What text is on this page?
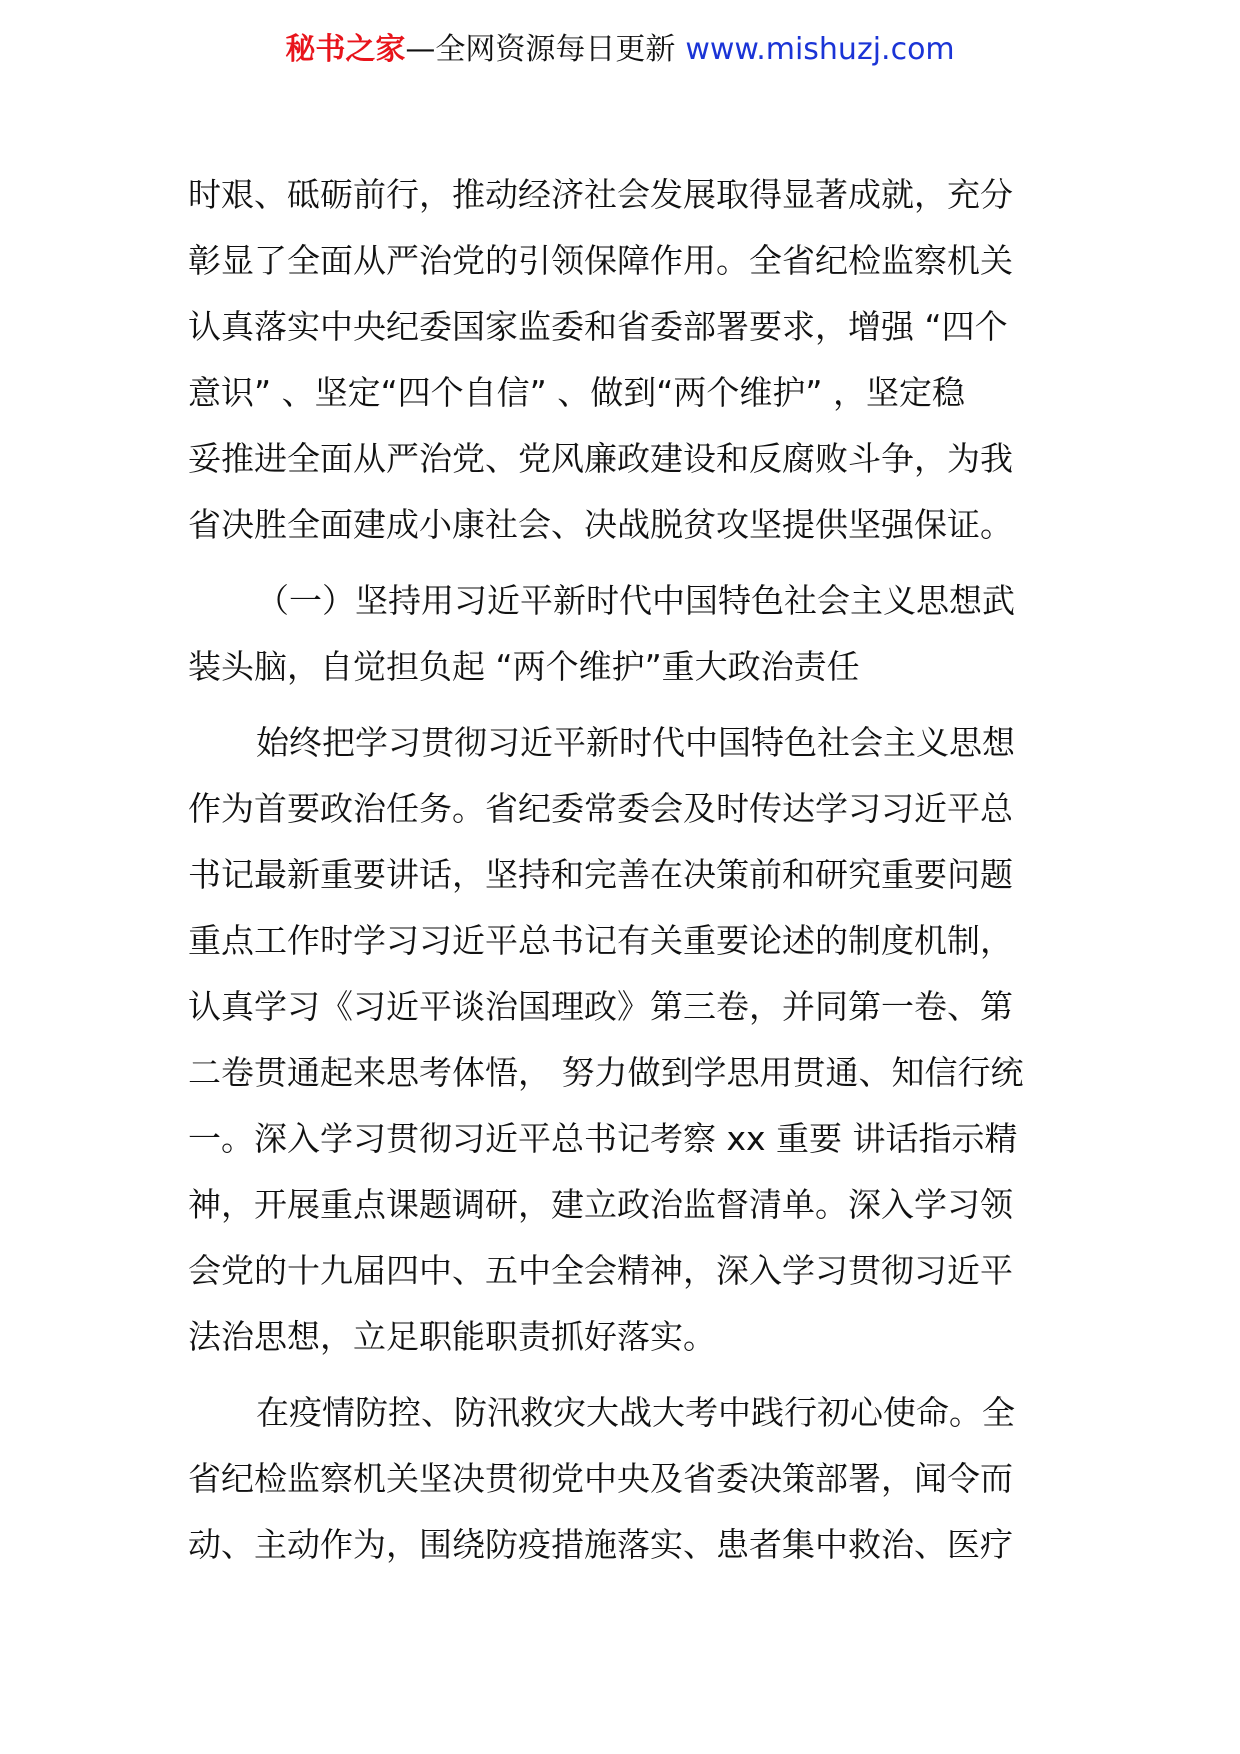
秘书之家—全网资源每日更新 www.mishuzj.com
时艰、砥砺前行，推动经济社会发展取得显著成就，充分
彰显了全面从严治党的引领保障作用。全省纪检监察机关
认真落实中央纪委国家监委和省委部署要求，增强 “四个
意识” 、坚定“四个自信” 、做到“两个维护” ，坚定稳
妥推进全面从严治党、党风廉政建设和反腐败斗争，为我
省决胜全面建成小康社会、决战脱贫攻坚提供坚强保证。
（一）坚持用习近平新时代中国特色社会主义思想武
装头脑，自觉担负起 “两个维护”重大政治责任
始终把学习贯彻习近平新时代中国特色社会主义思想
作为首要政治任务。省纪委常委会及时传达学习习近平总
书记最新重要讲话，坚持和完善在决策前和研究重要问题
重点工作时学习习近平总书记有关重要论述的制度机制，
认真学习《习近平谈治国理政》第三卷，并同第一卷、第
二卷贯通起来思考体悟， 努力做到学思用贯通、知信行统
一。深入学习贯彻习近平总书记考察 xx 重要 讲话指示精
神，开展重点课题调研，建立政治监督清单。深入学习领
会党的十九届四中、五中全会精神，深入学习贯彻习近平
法治思想，立足职能职责抓好落实。
在疫情防控、防汛救灾大战大考中践行初心使命。全
省纪检监察机关坚决贯彻党中央及省委决策部署，闻令而
动、主动作为，围绕防疫措施落实、患者集中救治、医疗
